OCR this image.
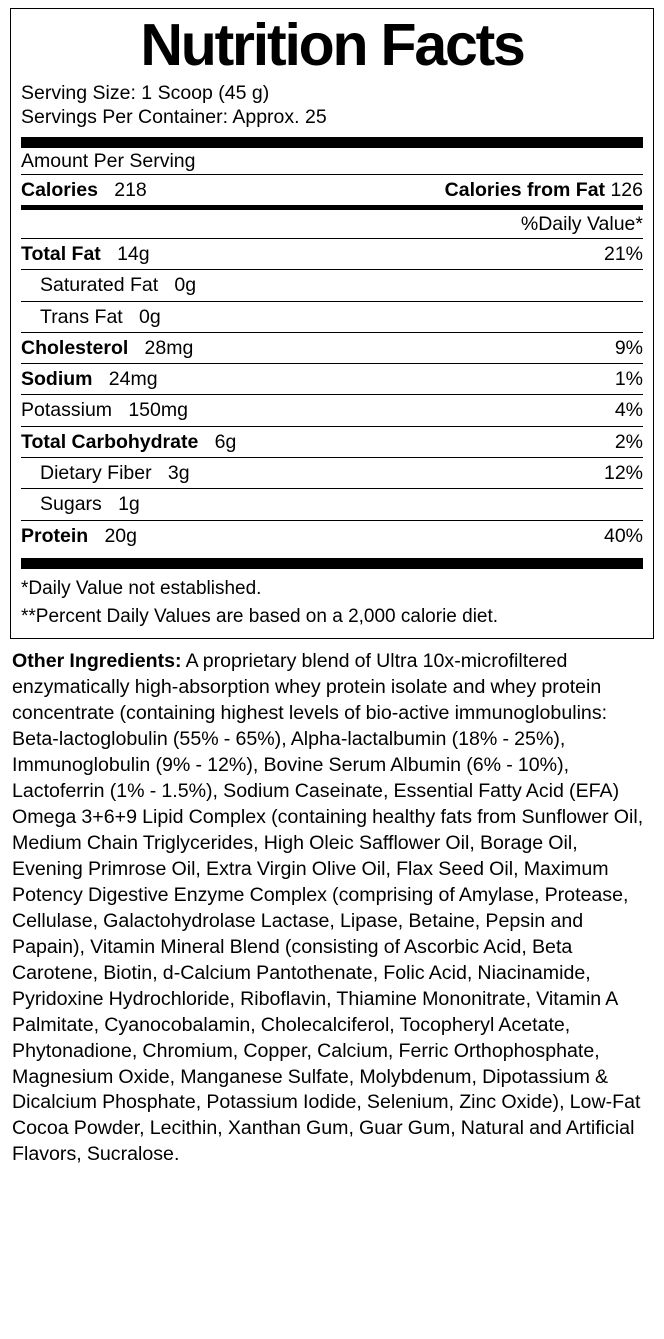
Nutrition Facts
Serving Size: 1 Scoop (45 g)
Servings Per Container: Approx. 25
Amount Per Serving
Calories 218	Calories from Fat 126
%Daily Value*
Total Fat 14g	21%
Saturated Fat 0g
Trans Fat 0g
Cholesterol 28mg	9%
Sodium 24mg	1%
Potassium 150mg	4%
Total Carbohydrate 6g	2%
Dietary Fiber 3g	12%
Sugars 1g
Protein 20g	40%
*Daily Value not established.
**Percent Daily Values are based on a 2,000 calorie diet.
Other Ingredients: A proprietary blend of Ultra 10x-microfiltered enzymatically high-absorption whey protein isolate and whey protein concentrate (containing highest levels of bio-active immunoglobulins: Beta-lactoglobulin (55% - 65%), Alpha-lactalbumin (18% - 25%), Immunoglobulin (9% - 12%), Bovine Serum Albumin (6% - 10%), Lactoferrin (1% - 1.5%), Sodium Caseinate, Essential Fatty Acid (EFA) Omega 3+6+9 Lipid Complex (containing healthy fats from Sunflower Oil, Medium Chain Triglycerides, High Oleic Safflower Oil, Borage Oil, Evening Primrose Oil, Extra Virgin Olive Oil, Flax Seed Oil, Maximum Potency Digestive Enzyme Complex (comprising of Amylase, Protease, Cellulase, Galactohydrolase Lactase, Lipase, Betaine, Pepsin and Papain), Vitamin Mineral Blend (consisting of Ascorbic Acid, Beta Carotene, Biotin, d-Calcium Pantothenate, Folic Acid, Niacinamide, Pyridoxine Hydrochloride, Riboflavin, Thiamine Mononitrate, Vitamin A Palmitate, Cyanocobalamin, Cholecalciferol, Tocopheryl Acetate, Phytonadione, Chromium, Copper, Calcium, Ferric Orthophosphate, Magnesium Oxide, Manganese Sulfate, Molybdenum, Dipotassium & Dicalcium Phosphate, Potassium Iodide, Selenium, Zinc Oxide), Low-Fat Cocoa Powder, Lecithin, Xanthan Gum, Guar Gum, Natural and Artificial Flavors, Sucralose.
